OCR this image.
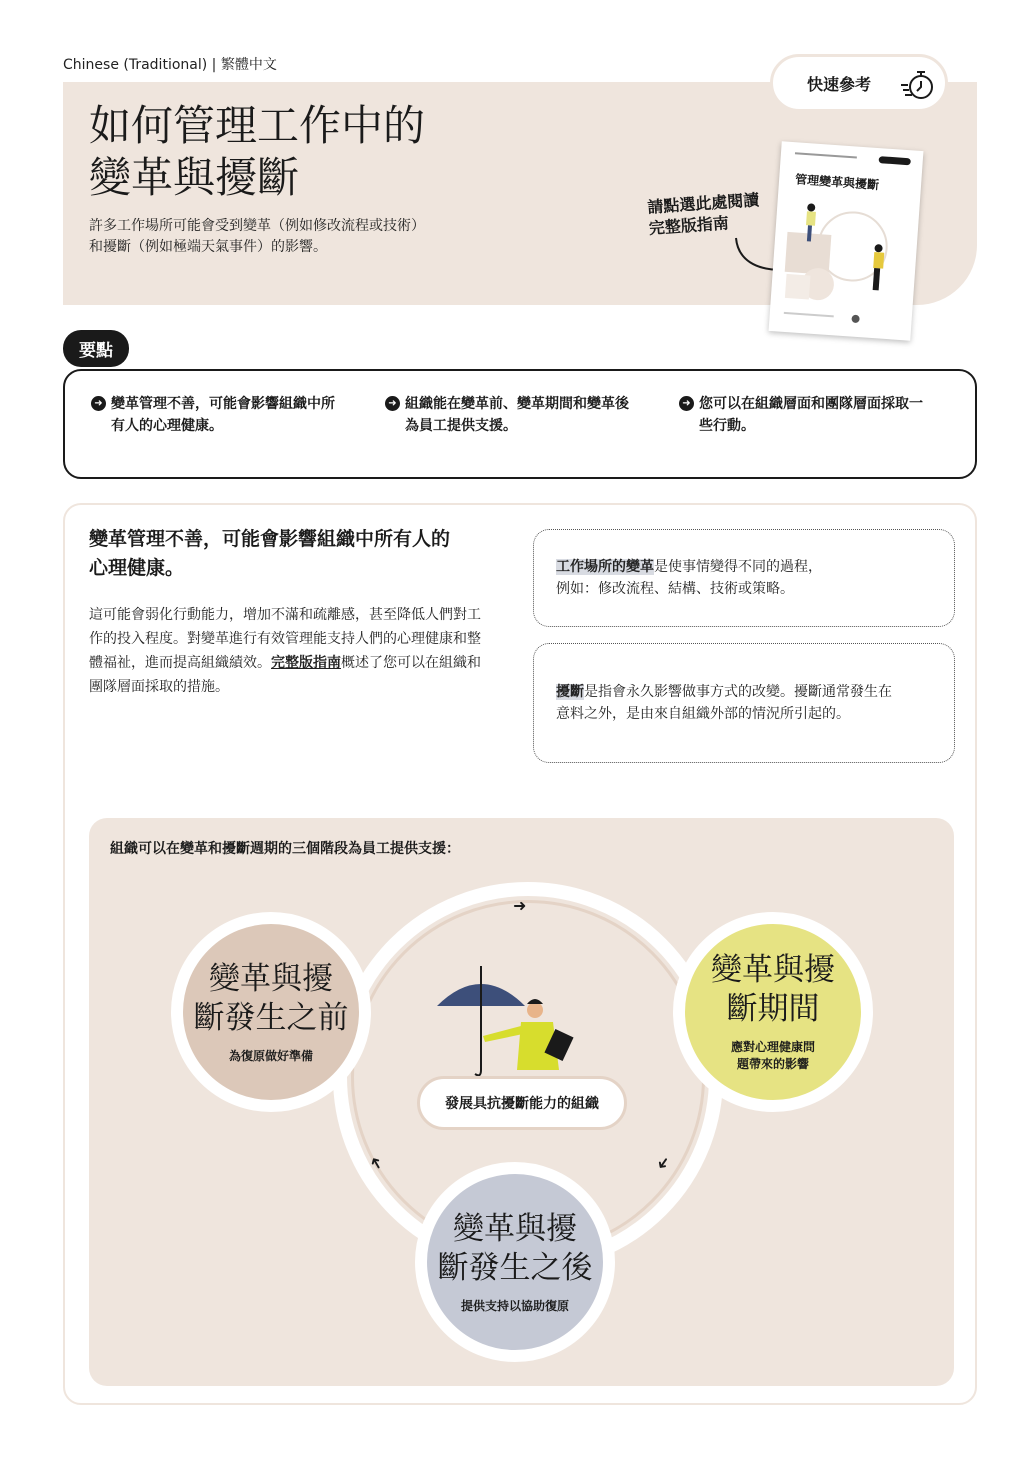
Chinese (Traditional) | 繁體中文
如何管理工作中的
變革與擾斷

許多工作場所可能會受到變革（例如修改流程或技術）
和擾斷（例如極端天氣事件）的影響。

快速參考
請點選此處閱讀
完整版指南
管理變革與擾斷
要點
➜ 變革管理不善，可能會影響組織中所
有人的心理健康。
➜ 組織能在變革前、變革期間和變革後
為員工提供支援。
➜ 您可以在組織層面和團隊層面採取一
些行動。
變革管理不善，可能會影響組織中所有人的
心理健康。

這可能會弱化行動能力，增加不滿和疏離感，甚至降低人們對工作的投入程度。對變革進行有效管理能支持人們的心理健康和整體福祉，進而提高組織績效。完整版指南概述了您可以在組織和團隊層面採取的措施。

工作場所的變革是使事情變得不同的過程，
例如：修改流程、結構、技術或策略。
擾斷是指會永久影響做事方式的改變。擾斷通常發生在
意料之外，是由來自組織外部的情況所引起的。
組織可以在變革和擾斷週期的三個階段為員工提供支援：
➜
➜
➜
發展具抗擾斷能力的組織
變革與擾
斷發生之前
為復原做好準備
變革與擾
斷期間
應對心理健康問
題帶來的影響
變革與擾
斷發生之後
提供支持以協助復原
